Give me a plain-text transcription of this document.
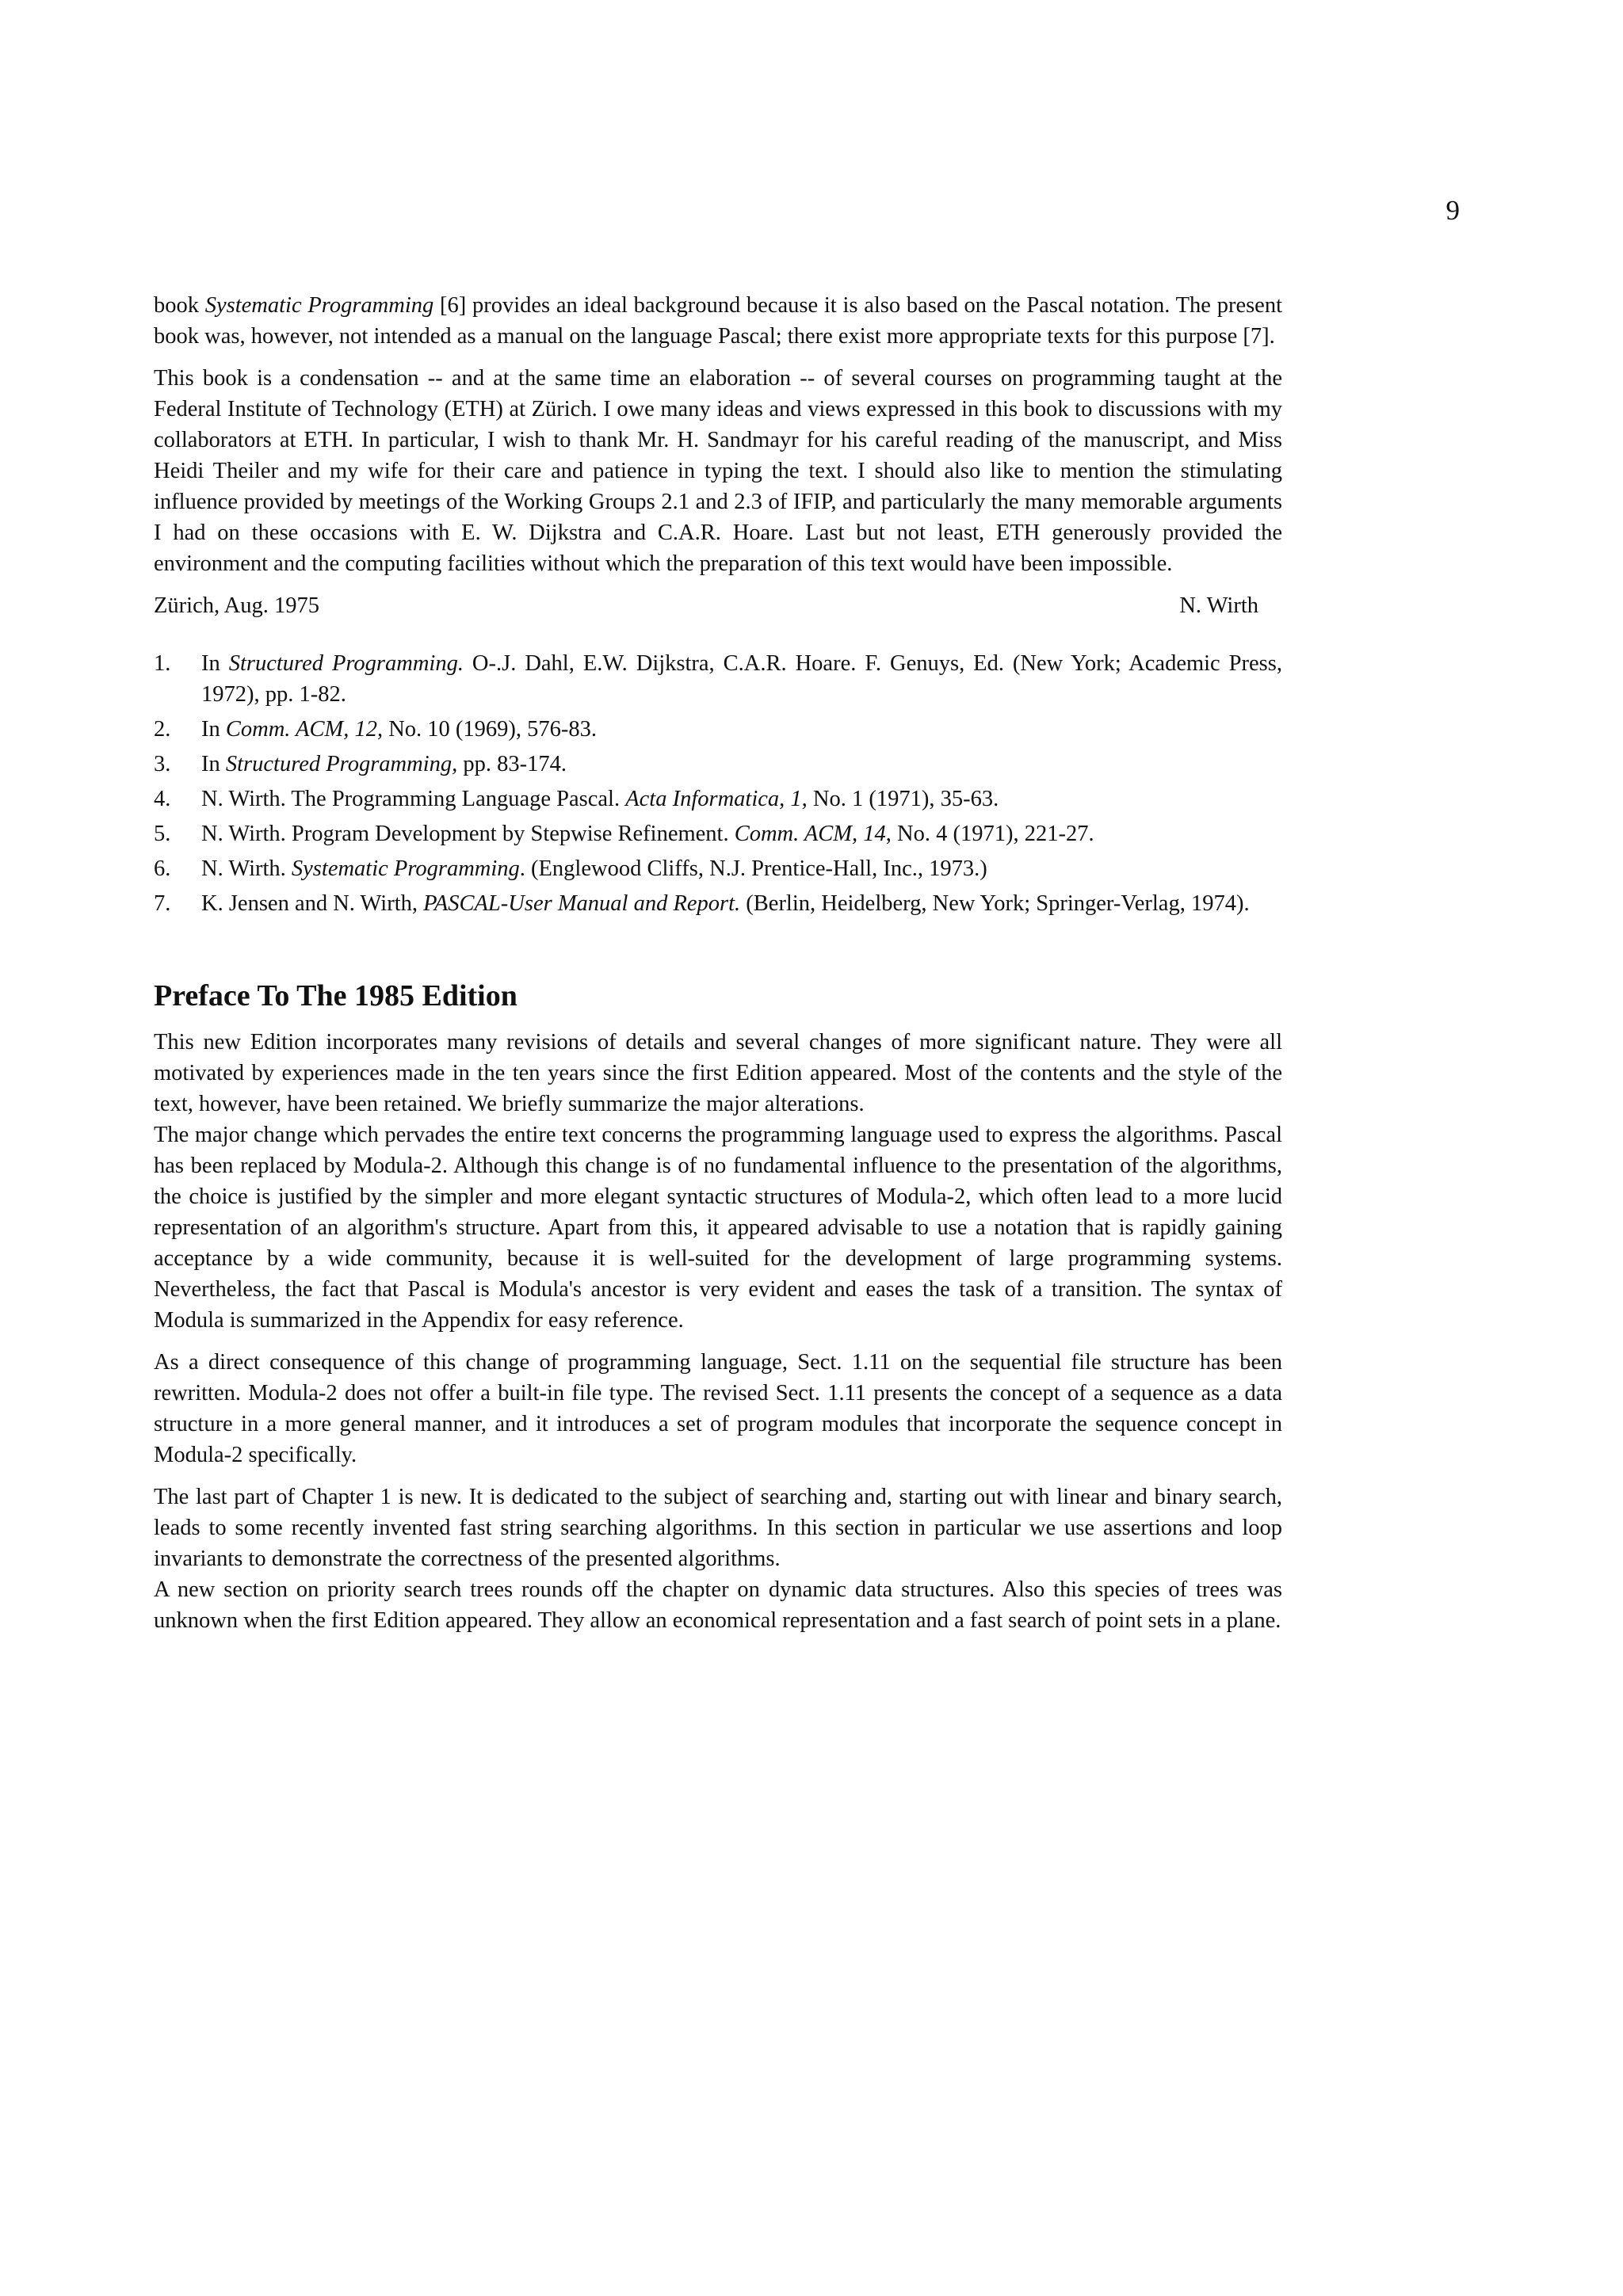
9

book Systematic Programming [6] provides an ideal background because it is also based on the Pascal notation. The present book was, however, not intended as a manual on the language Pascal; there exist more appropriate texts for this purpose [7].

This book is a condensation -- and at the same time an elaboration -- of several courses on programming taught at the Federal Institute of Technology (ETH) at Zürich. I owe many ideas and views expressed in this book to discussions with my collaborators at ETH. In particular, I wish to thank Mr. H. Sandmayr for his careful reading of the manuscript, and Miss Heidi Theiler and my wife for their care and patience in typing the text. I should also like to mention the stimulating influence provided by meetings of the Working Groups 2.1 and 2.3 of IFIP, and particularly the many memorable arguments I had on these occasions with E. W. Dijkstra and C.A.R. Hoare. Last but not least, ETH generously provided the environment and the computing facilities without which the preparation of this text would have been impossible.

Zürich, Aug. 1975	N. Wirth
1. In Structured Programming. O-.J. Dahl, E.W. Dijkstra, C.A.R. Hoare. F. Genuys, Ed. (New York; Academic Press, 1972), pp. 1-82.
2. In Comm. ACM, 12, No. 10 (1969), 576-83.
3. In Structured Programming, pp. 83-174.
4. N. Wirth. The Programming Language Pascal. Acta Informatica, 1, No. 1 (1971), 35-63.
5. N. Wirth. Program Development by Stepwise Refinement. Comm. ACM, 14, No. 4 (1971), 221-27.
6. N. Wirth. Systematic Programming. (Englewood Cliffs, N.J. Prentice-Hall, Inc., 1973.)
7. K. Jensen and N. Wirth, PASCAL-User Manual and Report. (Berlin, Heidelberg, New York; Springer-Verlag, 1974).
Preface To The 1985 Edition

This new Edition incorporates many revisions of details and several changes of more significant nature. They were all motivated by experiences made in the ten years since the first Edition appeared. Most of the contents and the style of the text, however, have been retained. We briefly summarize the major alterations.

The major change which pervades the entire text concerns the programming language used to express the algorithms. Pascal has been replaced by Modula-2. Although this change is of no fundamental influence to the presentation of the algorithms, the choice is justified by the simpler and more elegant syntactic structures of Modula-2, which often lead to a more lucid representation of an algorithm's structure. Apart from this, it appeared advisable to use a notation that is rapidly gaining acceptance by a wide community, because it is well-suited for the development of large programming systems. Nevertheless, the fact that Pascal is Modula's ancestor is very evident and eases the task of a transition. The syntax of Modula is summarized in the Appendix for easy reference.

As a direct consequence of this change of programming language, Sect. 1.11 on the sequential file structure has been rewritten. Modula-2 does not offer a built-in file type. The revised Sect. 1.11 presents the concept of a sequence as a data structure in a more general manner, and it introduces a set of program modules that incorporate the sequence concept in Modula-2 specifically.

The last part of Chapter 1 is new. It is dedicated to the subject of searching and, starting out with linear and binary search, leads to some recently invented fast string searching algorithms. In this section in particular we use assertions and loop invariants to demonstrate the correctness of the presented algorithms.

A new section on priority search trees rounds off the chapter on dynamic data structures. Also this species of trees was unknown when the first Edition appeared. They allow an economical representation and a fast search of point sets in a plane.
